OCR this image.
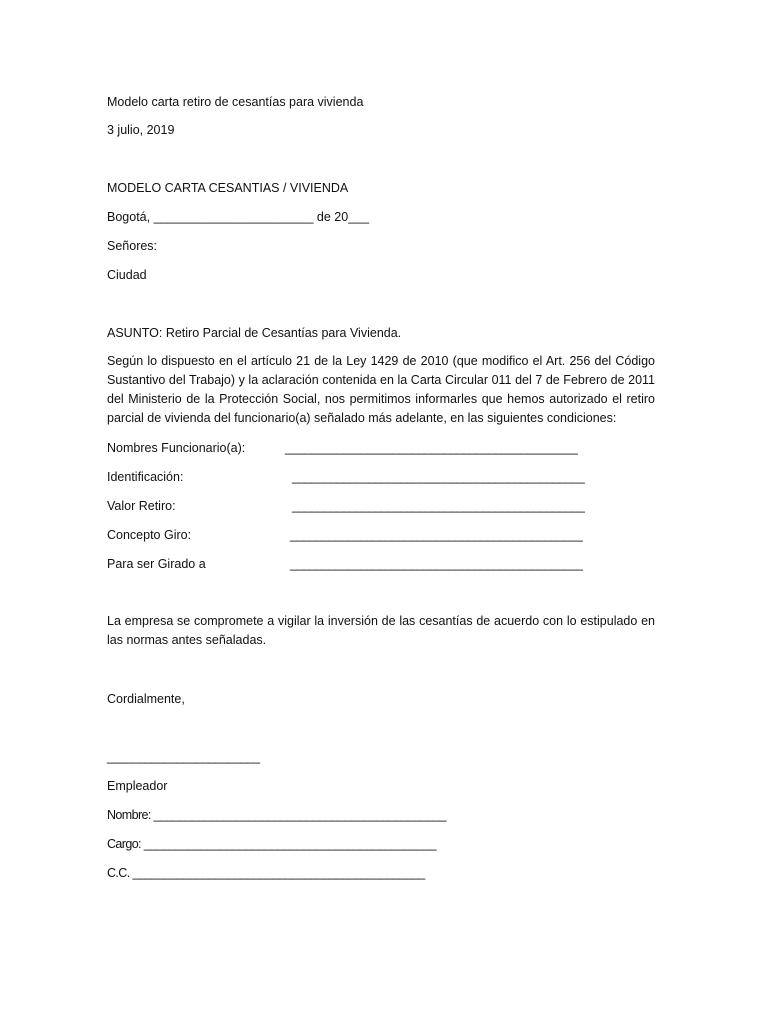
Modelo carta retiro de cesantías para vivienda
3 julio, 2019
MODELO CARTA CESANTIAS / VIVIENDA
Bogotá, _______________________ de 20___
Señores:
Ciudad
ASUNTO: Retiro Parcial de Cesantías para Vivienda.
Según lo dispuesto en el artículo 21 de la Ley 1429 de 2010 (que modifico el Art. 256 del Código Sustantivo del Trabajo) y la aclaración contenida en la Carta Circular 011 del 7 de Febrero de 2011 del Ministerio de la Protección Social, nos permitimos informarles que hemos autorizado el retiro parcial de vivienda del funcionario(a) señalado más adelante, en las siguientes condiciones:
Nombres Funcionario(a):	______________________________________________
Identificación:	______________________________________________
Valor Retiro:	______________________________________________
Concepto Giro:	______________________________________________
Para ser Girado a	______________________________________________
La empresa se compromete a vigilar la inversión de las cesantías de acuerdo con lo estipulado en las normas antes señaladas.
Cordialmente,
________________________
Empleador
Nombre: ______________________________________________
Cargo: ______________________________________________
C.C. ______________________________________________
